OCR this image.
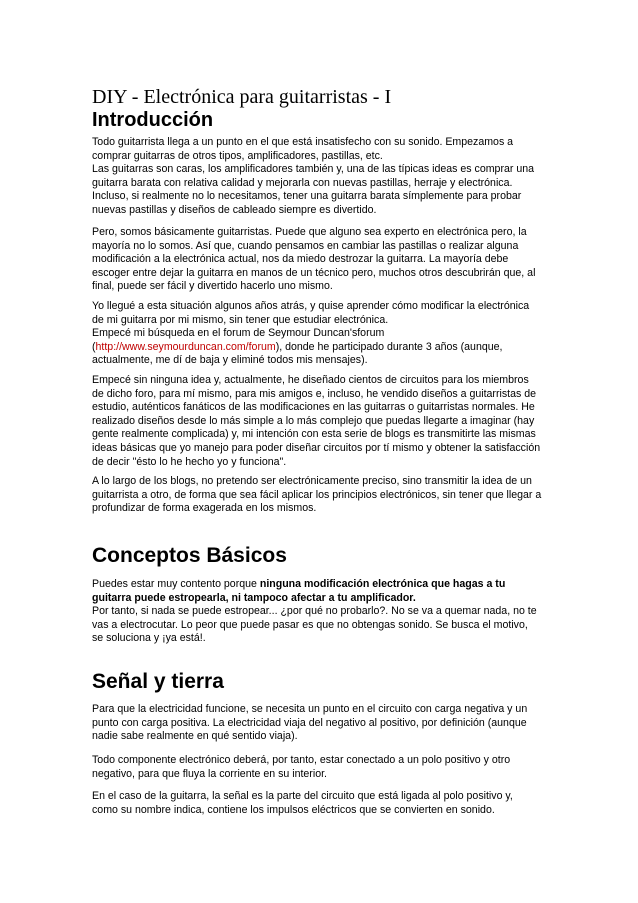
DIY - Electrónica para guitarristas - I
Introducción
Todo guitarrista llega a un punto en el que está insatisfecho con su sonido. Empezamos a
comprar guitarras de otros tipos, amplificadores, pastillas, etc.
Las guitarras son caras, los amplificadores también y, una de las típicas ideas es comprar una
guitarra barata con relativa calidad y mejorarla con nuevas pastillas, herraje y electrónica.
Incluso, si realmente no lo necesitamos, tener una guitarra barata símplemente para probar
nuevas pastillas y diseños de cableado siempre es divertido.
Pero, somos básicamente guitarristas. Puede que alguno sea experto en electrónica pero, la
mayoría no lo somos. Así que, cuando pensamos en cambiar las pastillas o realizar alguna
modificación a la electrónica actual, nos da miedo destrozar la guitarra. La mayoría debe
escoger entre dejar la guitarra en manos de un técnico pero, muchos otros descubrirán que, al
final, puede ser fácil y divertido hacerlo uno mismo.
Yo llegué a esta situación algunos años atrás, y quise aprender cómo modificar la electrónica
de mi guitarra por mi mismo, sin tener que estudiar electrónica.
Empecé mi búsqueda en el forum de Seymour Duncan'sforum
(http://www.seymourduncan.com/forum), donde he participado durante 3 años (aunque,
actualmente, me dí de baja y eliminé todos mis mensajes).
Empecé sin ninguna idea y, actualmente, he diseñado cientos de circuitos para los miembros
de dicho foro, para mí mismo, para mis amigos e, incluso, he vendido diseños a guitarristas de
estudio, auténticos fanáticos de las modificaciones en las guitarras o guitarristas normales. He
realizado diseños desde lo más simple a lo más complejo que puedas llegarte a imaginar (hay
gente realmente complicada) y, mi intención con esta serie de blogs es transmitirte las mismas
ideas básicas que yo manejo para poder diseñar circuitos por tí mismo y obtener la satisfacción
de decir "ésto lo he hecho yo y funciona".
A lo largo de los blogs, no pretendo ser electrónicamente preciso, sino transmitir la idea de un
guitarrista a otro, de forma que sea fácil aplicar los principios electrónicos, sin tener que llegar a
profundizar de forma exagerada en los mismos.
Conceptos Básicos
Puedes estar muy contento porque ninguna modificación electrónica que hagas a tu
guitarra puede estropearla, ni tampoco afectar a tu amplificador.
Por tanto, si nada se puede estropear... ¿por qué no probarlo?. No se va a quemar nada, no te
vas a electrocutar. Lo peor que puede pasar es que no obtengas sonido. Se busca el motivo,
se soluciona y ¡ya está!.
Señal y tierra
Para que la electricidad funcione, se necesita un punto en el circuito con carga negativa y un
punto con carga positiva. La electricidad viaja del negativo al positivo, por definición (aunque
nadie sabe realmente en qué sentido viaja).
Todo componente electrónico deberá, por tanto, estar conectado a un polo positivo y otro
negativo, para que fluya la corriente en su interior.
En el caso de la guitarra, la señal es la parte del circuito que está ligada al polo positivo y,
como su nombre indica, contiene los impulsos eléctricos que se convierten en sonido.
